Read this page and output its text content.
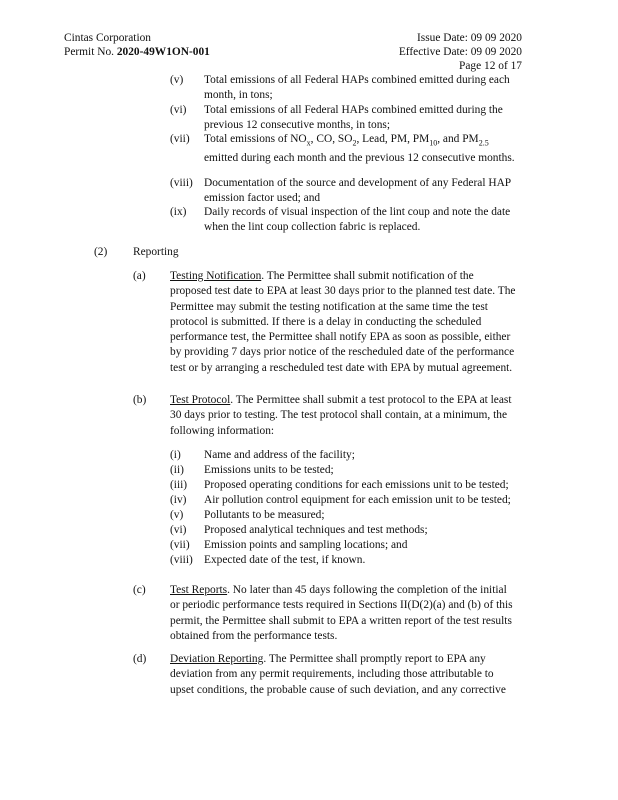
Cintas Corporation
Permit No. 2020-49W1ON-001
Issue Date: 09 09 2020
Effective Date: 09 09 2020
Page 12 of 17
(v) Total emissions of all Federal HAPs combined emitted during each month, in tons;
(vi) Total emissions of all Federal HAPs combined emitted during the previous 12 consecutive months, in tons;
(vii) Total emissions of $NO_x$, CO, $SO_2$, Lead, PM, $PM_{10}$, and $PM_{2.5}$ emitted during each month and the previous 12 consecutive months.
(viii) Documentation of the source and development of any Federal HAP emission factor used; and
(ix) Daily records of visual inspection of the lint coup and note the date when the lint coup collection fabric is replaced.
(2) Reporting
(a) Testing Notification. The Permittee shall submit notification of the proposed test date to EPA at least 30 days prior to the planned test date. The Permittee may submit the testing notification at the same time the test protocol is submitted. If there is a delay in conducting the scheduled performance test, the Permittee shall notify EPA as soon as possible, either by providing 7 days prior notice of the rescheduled date of the performance test or by arranging a rescheduled test date with EPA by mutual agreement.
(b) Test Protocol. The Permittee shall submit a test protocol to the EPA at least 30 days prior to testing. The test protocol shall contain, at a minimum, the following information:
(i) Name and address of the facility;
(ii) Emissions units to be tested;
(iii) Proposed operating conditions for each emissions unit to be tested;
(iv) Air pollution control equipment for each emission unit to be tested;
(v) Pollutants to be measured;
(vi) Proposed analytical techniques and test methods;
(vii) Emission points and sampling locations; and
(viii) Expected date of the test, if known.
(c) Test Reports. No later than 45 days following the completion of the initial or periodic performance tests required in Sections II(D(2)(a) and (b) of this permit, the Permittee shall submit to EPA a written report of the test results obtained from the performance tests.
(d) Deviation Reporting. The Permittee shall promptly report to EPA any deviation from any permit requirements, including those attributable to upset conditions, the probable cause of such deviation, and any corrective
